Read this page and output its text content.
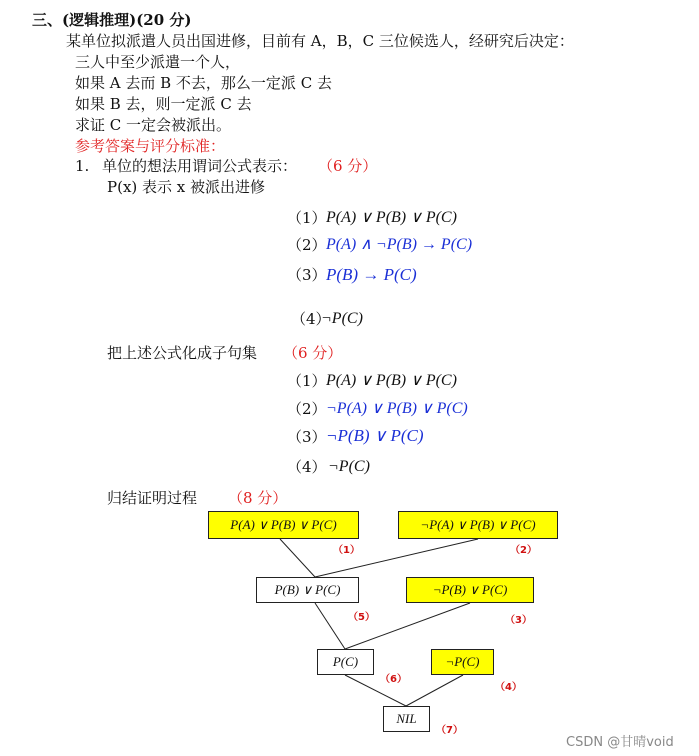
三、(逻辑推理)(20 分)
某单位拟派遣人员出国进修，目前有 A，B，C 三位候选人，经研究后决定：
三人中至少派遣一个人，
如果 A 去而 B 不去，那么一定派 C 去
如果 B 去，则一定派 C 去
求证 C 一定会被派出。
参考答案与评分标准：
1. 单位的想法用谓词公式表示： （6 分）
P(x) 表示 x 被派出进修
（1） P(A) ∨ P(B) ∨ P(C)
（2） P(A) ∧ ¬P(B) → P(C)
（3） P(B) → P(C)
（4）
¬P(C)
把上述公式化成子句集 （6 分）
（1） P(A) ∨ P(B) ∨ P(C)
（2） ¬P(A) ∨ P(B) ∨ P(C)
（3） ¬P(B) ∨ P(C)
（4） ¬P(C)
归结证明过程 （8 分）
P(A) ∨ P(B) ∨ P(C)
（1）
¬P(A) ∨ P(B) ∨ P(C)
（2）
P(B) ∨ P(C)
（5）
¬P(B) ∨ P(C)
（3）
P(C)
（6）
¬P(C)
（4）
NIL
（7）
CSDN @甘晴void
